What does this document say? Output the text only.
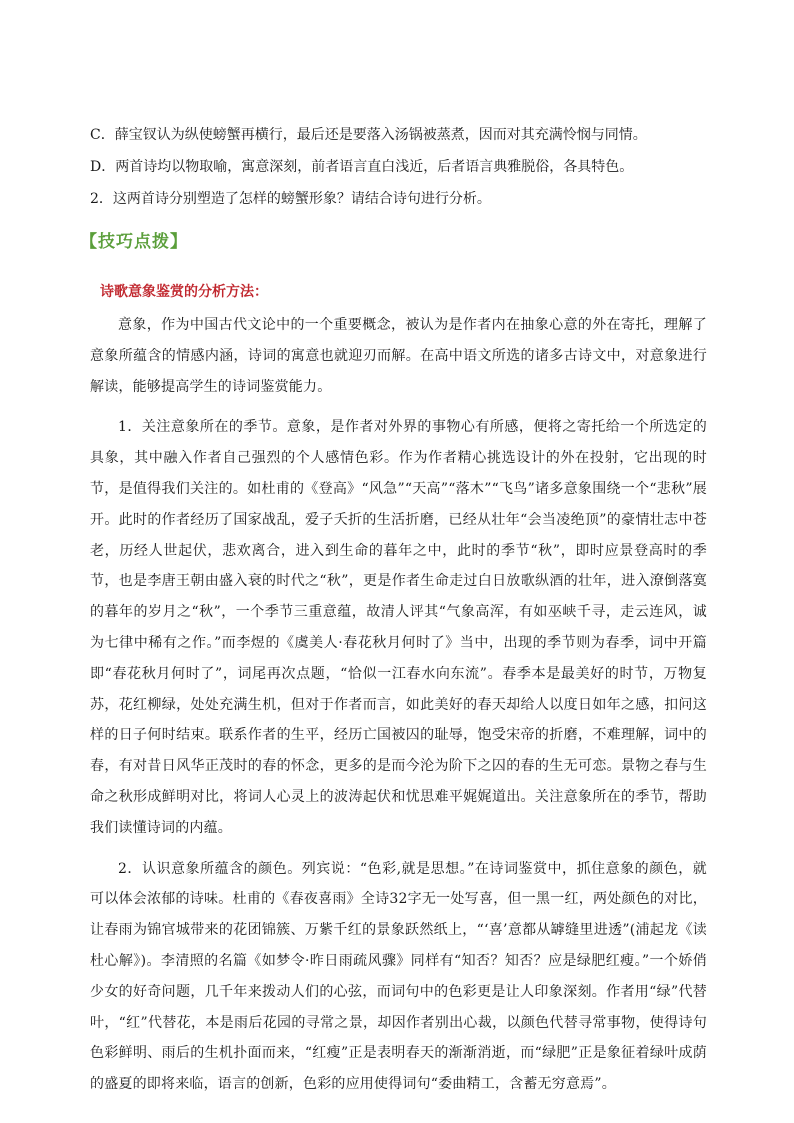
C．薛宝钗认为纵使螃蟹再横行，最后还是要落入汤锅被蒸煮，因而对其充满怜悯与同情。

D．两首诗均以物取喻，寓意深刻，前者语言直白浅近，后者语言典雅脱俗，各具特色。

2．这两首诗分别塑造了怎样的螃蟹形象？请结合诗句进行分析。

【技巧点拨】
诗歌意象鉴赏的分析方法：

意象，作为中国古代文论中的一个重要概念，被认为是作者内在抽象心意的外在寄托，理解了意象所蕴含的情感内涵，诗词的寓意也就迎刃而解。在高中语文所选的诸多古诗文中，对意象进行解读，能够提高学生的诗词鉴赏能力。

1．关注意象所在的季节。意象，是作者对外界的事物心有所感，便将之寄托给一个所选定的具象，其中融入作者自己强烈的个人感情色彩。作为作者精心挑选设计的外在投射，它出现的时节，是值得我们关注的。如杜甫的《登高》“风急”“天高”“落木”“飞鸟”诸多意象围绕一个“悲秋”展开。此时的作者经历了国家战乱，爱子夭折的生活折磨，已经从壮年“会当凌绝顶”的豪情壮志中苍老，历经人世起伏，悲欢离合，进入到生命的暮年之中，此时的季节“秋”，即时应景登高时的季节，也是李唐王朝由盛入衰的时代之“秋”，更是作者生命走过白日放歌纵酒的壮年，进入潦倒落寞的暮年的岁月之“秋”，一个季节三重意蕴，故清人评其“气象高浑，有如巫峡千寻，走云连风，诚为七律中稀有之作。”而李煜的《虞美人·春花秋月何时了》当中，出现的季节则为春季，词中开篇即“春花秋月何时了”，词尾再次点题，“恰似一江春水向东流”。春季本是最美好的时节，万物复苏，花红柳绿，处处充满生机，但对于作者而言，如此美好的春天却给人以度日如年之感，扣问这样的日子何时结束。联系作者的生平，经历亡国被囚的耻辱，饱受宋帝的折磨，不难理解，词中的春，有对昔日风华正茂时的春的怀念，更多的是而今沦为阶下之囚的春的生无可恋。景物之春与生命之秋形成鲜明对比，将词人心灵上的波涛起伏和忧思难平娓娓道出。关注意象所在的季节，帮助我们读懂诗词的内蕴。

2．认识意象所蕴含的颜色。列宾说：“色彩,就是思想。”在诗词鉴赏中，抓住意象的颜色，就可以体会浓郁的诗味。杜甫的《春夜喜雨》全诗32字无一处写喜，但一黑一红，两处颜色的对比，让春雨为锦官城带来的花团锦簇、万紫千红的景象跃然纸上，“‘喜’意都从罅缝里进透”(浦起龙《读杜心解》)。李清照的名篇《如梦令·昨日雨疏风骤》同样有“知否？知否？应是绿肥红瘦。”一个娇俏少女的好奇问题，几千年来拨动人们的心弦，而词句中的色彩更是让人印象深刻。作者用“绿”代替叶，“红”代替花，本是雨后花园的寻常之景，却因作者别出心裁，以颜色代替寻常事物，使得诗句色彩鲜明、雨后的生机扑面而来，“红瘦”正是表明春天的渐渐消逝，而“绿肥”正是象征着绿叶成荫的盛夏的即将来临，语言的创新，色彩的应用使得词句“委曲精工，含蓄无穷意焉”。
